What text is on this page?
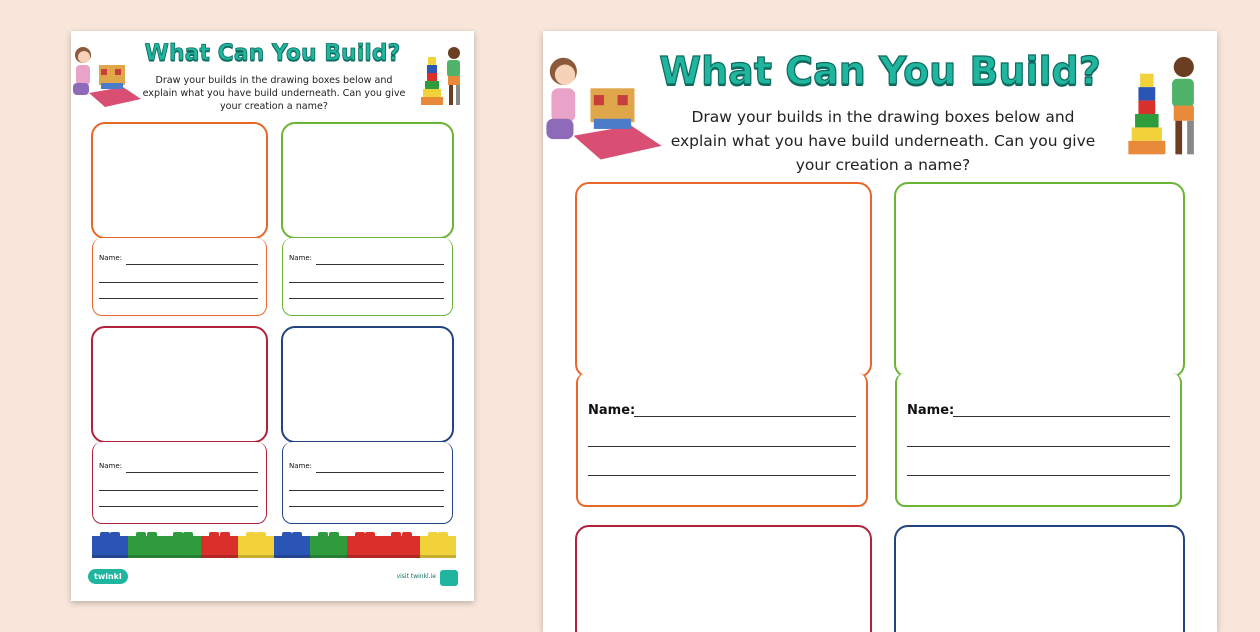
What Can You Build?
Draw your builds in the drawing boxes below and
explain what you have build underneath. Can you give
your creation a name?
Name:	Name:
Name:	Name:
twinkl	visit twinkl.ie
What Can You Build?
Draw your builds in the drawing boxes below and
explain what you have build underneath. Can you give
your creation a name?
Name:	Name:
